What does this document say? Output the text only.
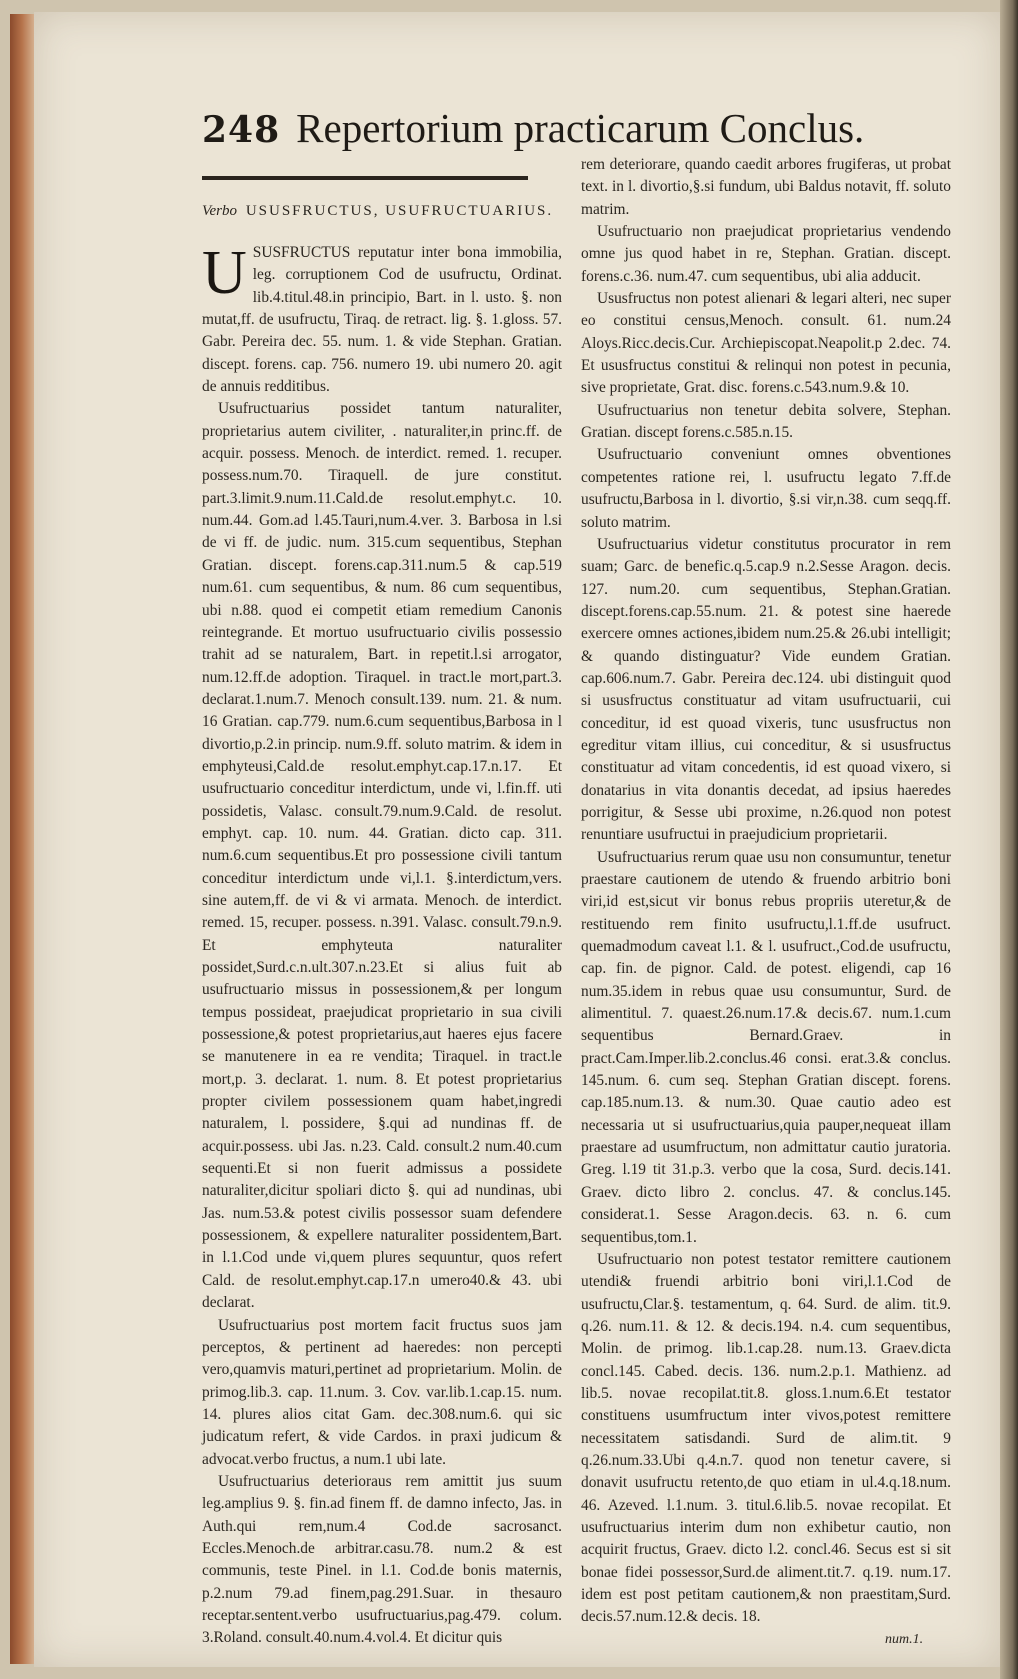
248 Repertorium practicarum Conclus.
Verbo USUSFRUCTUS, USUFRUCTUARIUS.

USUSFRUCTUS reputatur inter bona immobilia, leg. corruptionem Cod de usufructu, Ordinat. lib.4.titul.48.in principio, Bart. in l. usto. §. non mutat,ff. de usufructu, Tiraq. de retract. lig. §. 1.gloss. 57. Gabr. Pereira dec. 55. num. 1. & vide Stephan. Gratian. discept. forens. cap. 756. numero 19. ubi numero 20. agit de annuis redditibus.

Usufructuarius possidet tantum naturaliter, proprietarius autem civiliter, . naturaliter,in princ.ff. de acquir. possess. Menoch. de interdict. remed. 1. recuper. possess.num.70. Tiraquell. de jure constitut. part.3.limit.9.num.11.Cald.de resolut.emphyt.c. 10. num.44. Gom.ad l.45.Tauri,num.4.ver. 3. Barbosa in l.si de vi ff. de judic. num. 315.cum sequentibus, Stephan Gratian. discept. forens.cap.311.num.5 & cap.519 num.61. cum sequentibus, & num. 86 cum sequentibus, ubi n.88. quod ei competit etiam remedium Canonis reintegrande. Et mortuo usufructuario civilis possessio trahit ad se naturalem, Bart. in repetit.l.si arrogator, num.12.ff.de adoption. Tiraquel. in tract.le mort,part.3. declarat.1.num.7. Menoch consult.139. num. 21. & num. 16 Gratian. cap.779. num.6.cum sequentibus,Barbosa in l divortio,p.2.in princip. num.9.ff. soluto matrim. & idem in emphyteusi,Cald.de resolut.emphyt.cap.17.n.17. Et usufructuario conceditur interdictum, unde vi, l.fin.ff. uti possidetis, Valasc. consult.79.num.9.Cald. de resolut. emphyt. cap. 10. num. 44. Gratian. dicto cap. 311. num.6.cum sequentibus.Et pro possessione civili tantum conceditur interdictum unde vi,l.1. §.interdictum,vers. sine autem,ff. de vi & vi armata. Menoch. de interdict. remed. 15, recuper. possess. n.391. Valasc. consult.79.n.9. Et emphyteuta naturaliter possidet,Surd.c.n.ult.307.n.23.Et si alius fuit ab usufructuario missus in possessionem,& per longum tempus possideat, praejudicat proprietario in sua civili possessione,& potest proprietarius,aut haeres ejus facere se manutenere in ea re vendita; Tiraquel. in tract.le mort,p. 3. declarat. 1. num. 8. Et potest proprietarius propter civilem possessionem quam habet,ingredi naturalem, l. possidere, §.qui ad nundinas ff. de acquir.possess. ubi Jas. n.23. Cald. consult.2 num.40.cum sequenti.Et si non fuerit admissus a possidete naturaliter,dicitur spoliari dicto §. qui ad nundinas, ubi Jas. num.53.& potest civilis possessor suam defendere possessionem, & expellere naturaliter possidentem,Bart. in l.1.Cod unde vi,quem plures sequuntur, quos refert Cald. de resolut.emphyt.cap.17.n umero40.& 43. ubi declarat.

Usufructuarius post mortem facit fructus suos jam perceptos, & pertinent ad haeredes: non percepti vero,quamvis maturi,pertinet ad proprietarium. Molin. de primog.lib.3. cap. 11.num. 3. Cov. var.lib.1.cap.15. num. 14. plures alios citat Gam. dec.308.num.6. qui sic judicatum refert, & vide Cardos. in praxi judicum & advocat.verbo fructus, a num.1 ubi late.

Usufructuarius deterioraus rem amittit jus suum leg.amplius 9. §. fin.ad finem ff. de damno infecto, Jas. in Auth.qui rem,num.4 Cod.de sacrosanct. Eccles.Menoch.de arbitrar.casu.78. num.2 & est communis, teste Pinel. in l.1. Cod.de bonis maternis, p.2.num 79.ad finem,pag.291.Suar. in thesauro receptar.sentent.verbo usufructuarius,pag.479. colum. 3.Roland. consult.40.num.4.vol.4. Et dicitur quis

rem deteriorare, quando caedit arbores frugiferas, ut probat text. in l. divortio,§.si fundum, ubi Baldus notavit, ff. soluto matrim.

Usufructuario non praejudicat proprietarius vendendo omne jus quod habet in re, Stephan. Gratian. discept. forens.c.36. num.47. cum sequentibus, ubi alia adducit.

Ususfructus non potest alienari & legari alteri, nec super eo constitui census,Menoch. consult. 61. num.24 Aloys.Ricc.decis.Cur. Archiepiscopat.Neapolit.p 2.dec. 74. Et ususfructus constitui & relinqui non potest in pecunia, sive proprietate, Grat. disc. forens.c.543.num.9.& 10.

Usufructuarius non tenetur debita solvere, Stephan. Gratian. discept forens.c.585.n.15.

Usufructuario conveniunt omnes obventiones competentes ratione rei, l. usufructu legato 7.ff.de usufructu,Barbosa in l. divortio, §.si vir,n.38. cum seqq.ff. soluto matrim.

Usufructuarius videtur constitutus procurator in rem suam; Garc. de benefic.q.5.cap.9 n.2.Sesse Aragon. decis. 127. num.20. cum sequentibus, Stephan.Gratian. discept.forens.cap.55.num. 21. & potest sine haerede exercere omnes actiones,ibidem num.25.& 26.ubi intelligit; & quando distinguatur? Vide eundem Gratian. cap.606.num.7. Gabr. Pereira dec.124. ubi distinguit quod si ususfructus constituatur ad vitam usufructuarii, cui conceditur, id est quoad vixeris, tunc ususfructus non egreditur vitam illius, cui conceditur, & si ususfructus constituatur ad vitam concedentis, id est quoad vixero, si donatarius in vita donantis decedat, ad ipsius haeredes porrigitur, & Sesse ubi proxime, n.26.quod non potest renuntiare usufructui in praejudicium proprietarii.

Usufructuarius rerum quae usu non consumuntur, tenetur praestare cautionem de utendo & fruendo arbitrio boni viri,id est,sicut vir bonus rebus propriis uteretur,& de restituendo rem finito usufructu,l.1.ff.de usufruct. quemadmodum caveat l.1. & l. usufruct.,Cod.de usufructu, cap. fin. de pignor. Cald. de potest. eligendi, cap 16 num.35.idem in rebus quae usu consumuntur, Surd. de alimentitul. 7. quaest.26.num.17.& decis.67. num.1.cum sequentibus Bernard.Graev. in pract.Cam.Imper.lib.2.conclus.46 consi. erat.3.& conclus. 145.num. 6. cum seq. Stephan Gratian discept. forens. cap.185.num.13. & num.30. Quae cautio adeo est necessaria ut si usufructuarius,quia pauper,nequeat illam praestare ad usumfructum, non admittatur cautio juratoria. Greg. l.19 tit 31.p.3. verbo que la cosa, Surd. decis.141. Graev. dicto libro 2. conclus. 47. & conclus.145. considerat.1. Sesse Aragon.decis. 63. n. 6. cum sequentibus,tom.1.

Usufructuario non potest testator remittere cautionem utendi& fruendi arbitrio boni viri,l.1.Cod de usufructu,Clar.§. testamentum, q. 64. Surd. de alim. tit.9. q.26. num.11. & 12. & decis.194. n.4. cum sequentibus, Molin. de primog. lib.1.cap.28. num.13. Graev.dicta concl.145. Cabed. decis. 136. num.2.p.1. Mathienz. ad lib.5. novae recopilat.tit.8. gloss.1.num.6.Et testator constituens usumfructum inter vivos,potest remittere necessitatem satisdandi. Surd de alim.tit. 9 q.26.num.33.Ubi q.4.n.7. quod non tenetur cavere, si donavit usufructu retento,de quo etiam in ul.4.q.18.num. 46. Azeved. l.1.num. 3. titul.6.lib.5. novae recopilat. Et usufructuarius interim dum non exhibetur cautio, non acquirit fructus, Graev. dicto l.2. concl.46. Secus est si sit bonae fidei possessor,Surd.de aliment.tit.7. q.19. num.17. idem est post petitam cautionem,& non praestitam,Surd. decis.57.num.12.& decis. 18.

num.1.
